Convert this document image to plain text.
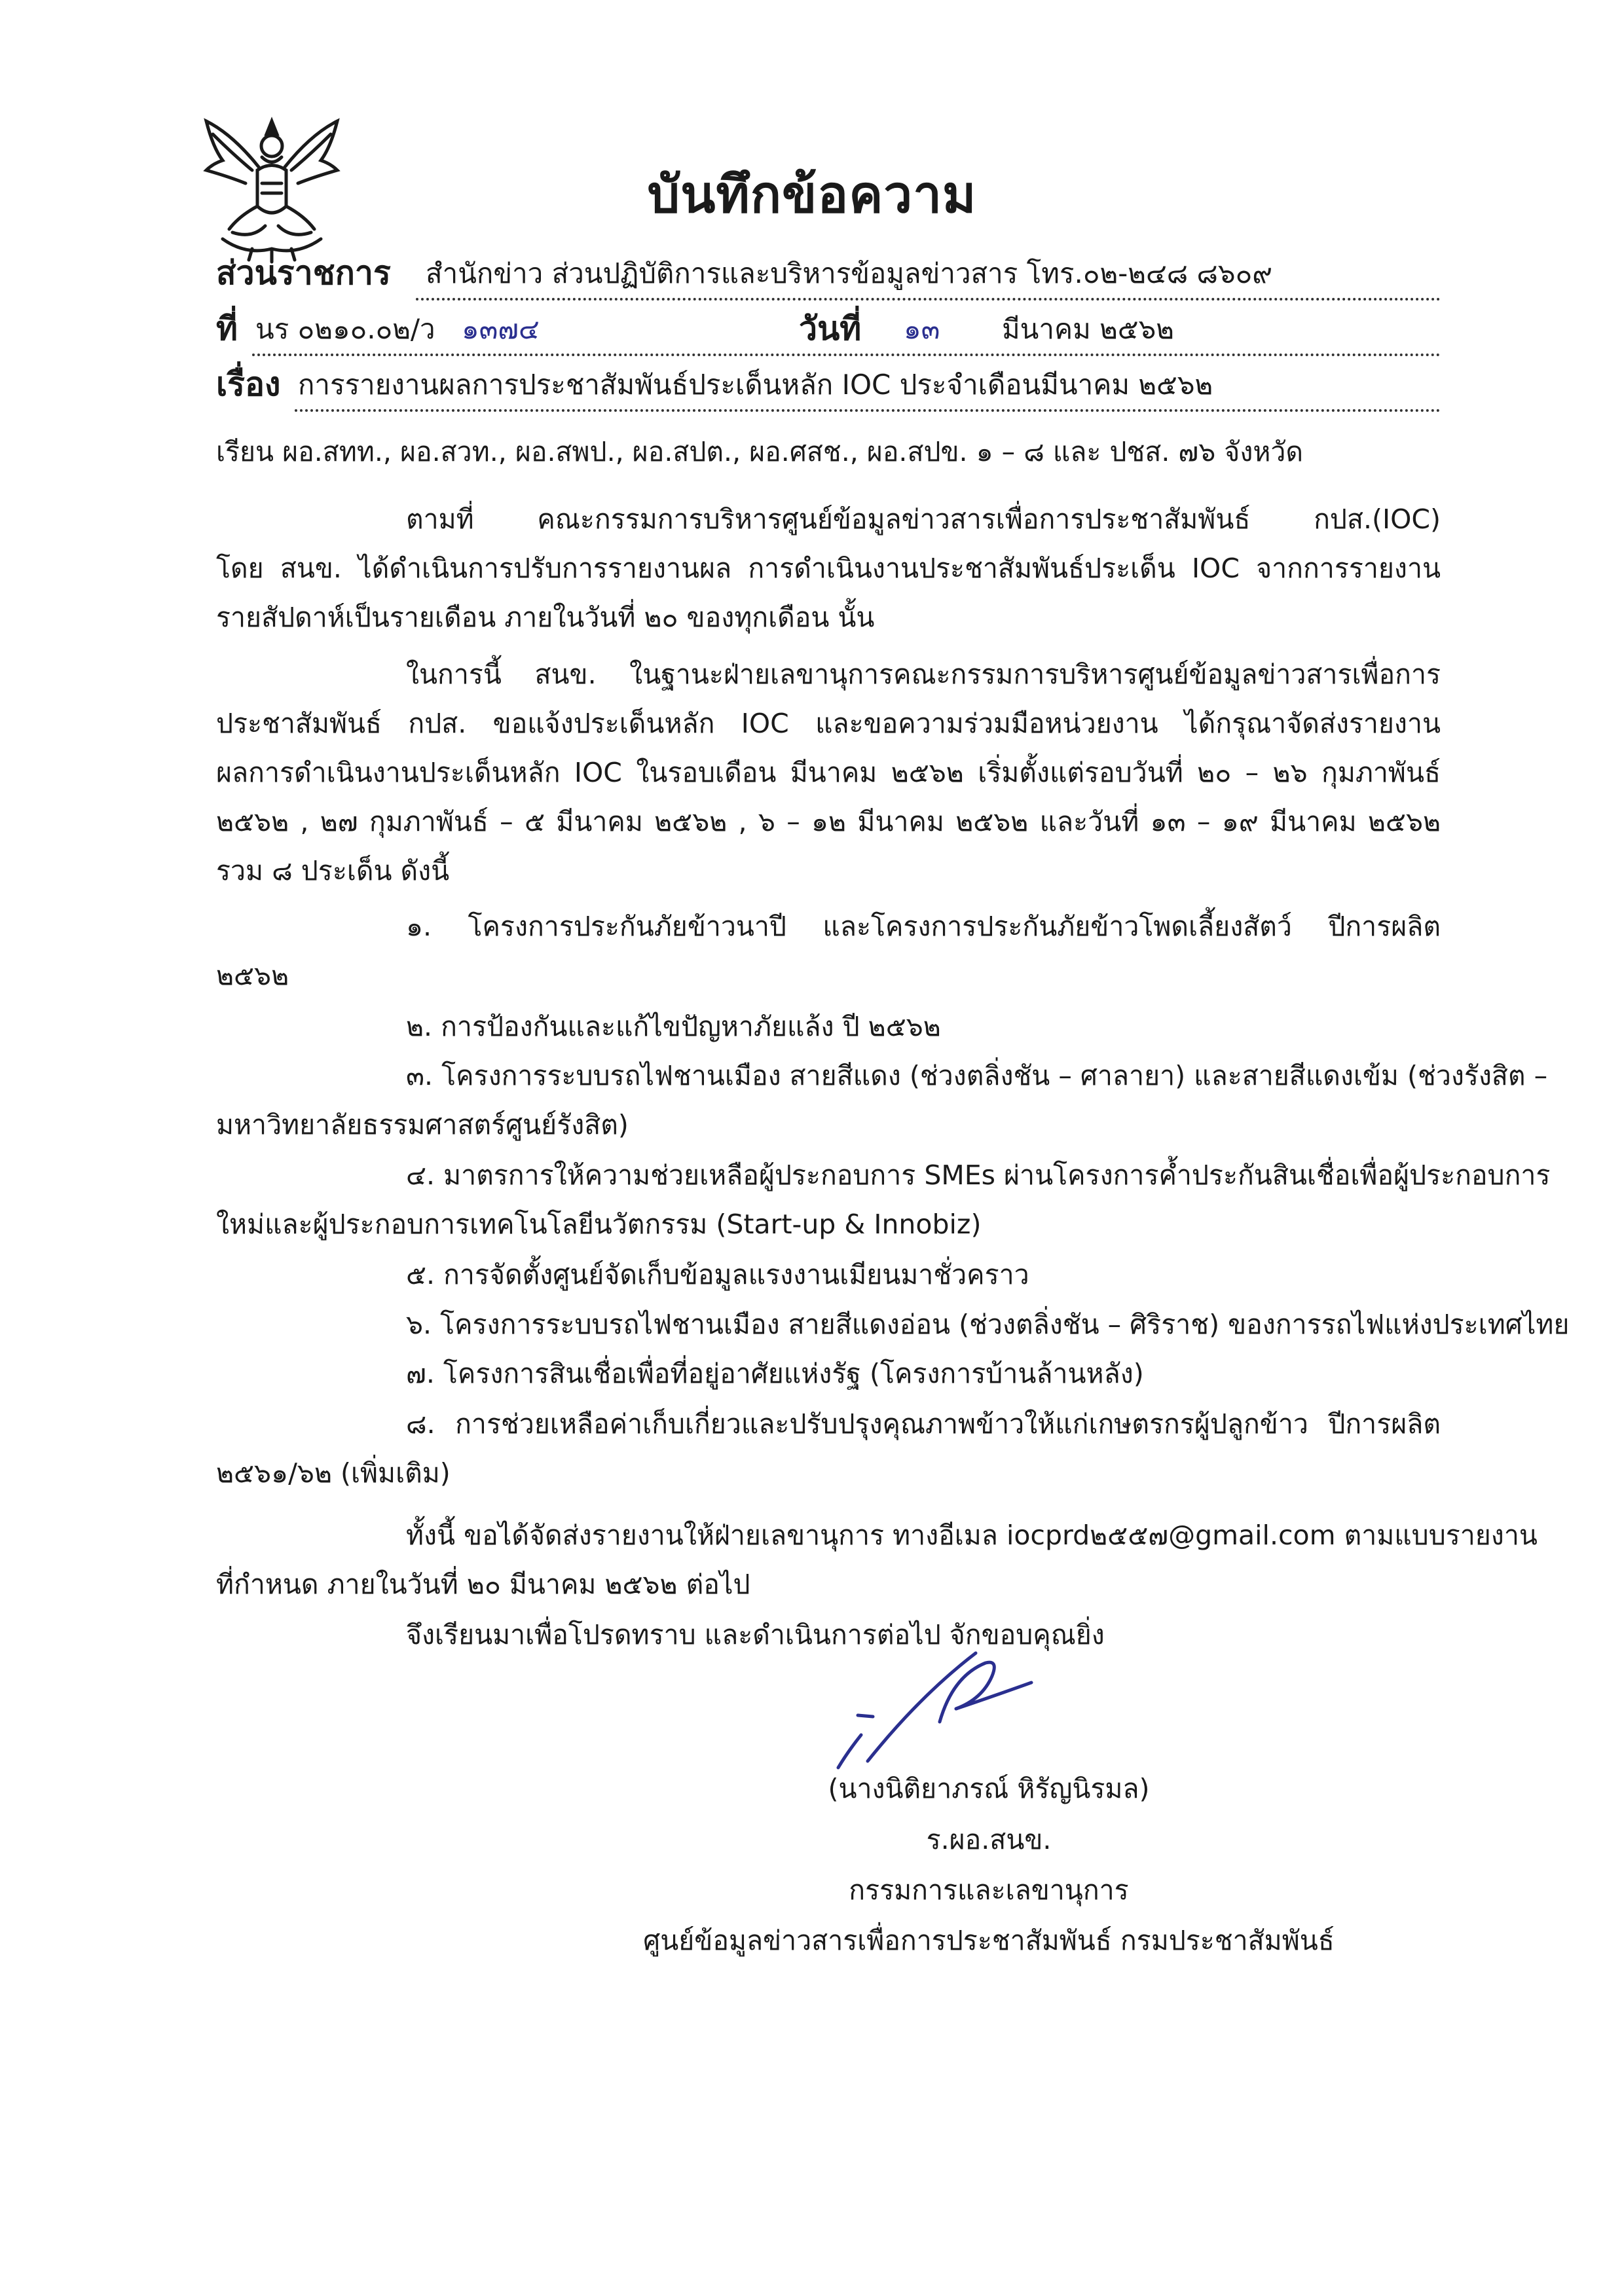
บันทึกข้อความ
ส่วนราชการ สำนักข่าว ส่วนปฏิบัติการและบริหารข้อมูลข่าวสาร โทร.๐๒-๒๔๘ ๘๖๐๙
ที่ นร ๐๒๑๐.๐๒/ว ๑๓๗๔	วันที่ ๑๓ มีนาคม ๒๕๖๒
เรื่อง การรายงานผลการประชาสัมพันธ์ประเด็นหลัก IOC ประจำเดือนมีนาคม ๒๕๖๒
เรียน ผอ.สทท., ผอ.สวท., ผอ.สพป., ผอ.สปต., ผอ.ศสช., ผอ.สปข. ๑ – ๘ และ ปชส. ๗๖ จังหวัด
ตามที่ คณะกรรมการบริหารศูนย์ข้อมูลข่าวสารเพื่อการประชาสัมพันธ์ กปส.(IOC)
โดย สนข. ได้ดำเนินการปรับการรายงานผล การดำเนินงานประชาสัมพันธ์ประเด็น IOC จากการรายงาน
รายสัปดาห์เป็นรายเดือน ภายในวันที่ ๒๐ ของทุกเดือน นั้น
ในการนี้ สนข. ในฐานะฝ่ายเลขานุการคณะกรรมการบริหารศูนย์ข้อมูลข่าวสารเพื่อการ
ประชาสัมพันธ์ กปส. ขอแจ้งประเด็นหลัก IOC และขอความร่วมมือหน่วยงาน ได้กรุณาจัดส่งรายงาน
ผลการดำเนินงานประเด็นหลัก IOC ในรอบเดือน มีนาคม ๒๕๖๒ เริ่มตั้งแต่รอบวันที่ ๒๐ – ๒๖ กุมภาพันธ์
๒๕๖๒ , ๒๗ กุมภาพันธ์ – ๕ มีนาคม ๒๕๖๒ , ๖ – ๑๒ มีนาคม ๒๕๖๒ และวันที่ ๑๓ – ๑๙ มีนาคม ๒๕๖๒
รวม ๘ ประเด็น ดังนี้
๑. โครงการประกันภัยข้าวนาปี และโครงการประกันภัยข้าวโพดเลี้ยงสัตว์ ปีการผลิต
๒๕๖๒
๒. การป้องกันและแก้ไขปัญหาภัยแล้ง ปี ๒๕๖๒
๓. โครงการระบบรถไฟชานเมือง สายสีแดง (ช่วงตลิ่งชัน – ศาลายา) และสายสีแดงเข้ม (ช่วงรังสิต –
มหาวิทยาลัยธรรมศาสตร์ศูนย์รังสิต)
๔. มาตรการให้ความช่วยเหลือผู้ประกอบการ SMEs ผ่านโครงการค้ำประกันสินเชื่อเพื่อผู้ประกอบการ
ใหม่และผู้ประกอบการเทคโนโลยีนวัตกรรม (Start-up & Innobiz)
๕. การจัดตั้งศูนย์จัดเก็บข้อมูลแรงงานเมียนมาชั่วคราว
๖. โครงการระบบรถไฟชานเมือง สายสีแดงอ่อน (ช่วงตลิ่งชัน – ศิริราช) ของการรถไฟแห่งประเทศไทย
๗. โครงการสินเชื่อเพื่อที่อยู่อาศัยแห่งรัฐ (โครงการบ้านล้านหลัง)
๘. การช่วยเหลือค่าเก็บเกี่ยวและปรับปรุงคุณภาพข้าวให้แก่เกษตรกรผู้ปลูกข้าว ปีการผลิต
๒๕๖๑/๖๒ (เพิ่มเติม)
ทั้งนี้ ขอได้จัดส่งรายงานให้ฝ่ายเลขานุการ ทางอีเมล iocprd๒๕๕๗@gmail.com ตามแบบรายงาน
ที่กำหนด ภายในวันที่ ๒๐ มีนาคม ๒๕๖๒ ต่อไป
จึงเรียนมาเพื่อโปรดทราบ และดำเนินการต่อไป จักขอบคุณยิ่ง
(นางนิติยาภรณ์ หิรัญนิรมล)
ร.ผอ.สนข.
กรรมการและเลขานุการ
ศูนย์ข้อมูลข่าวสารเพื่อการประชาสัมพันธ์ กรมประชาสัมพันธ์
